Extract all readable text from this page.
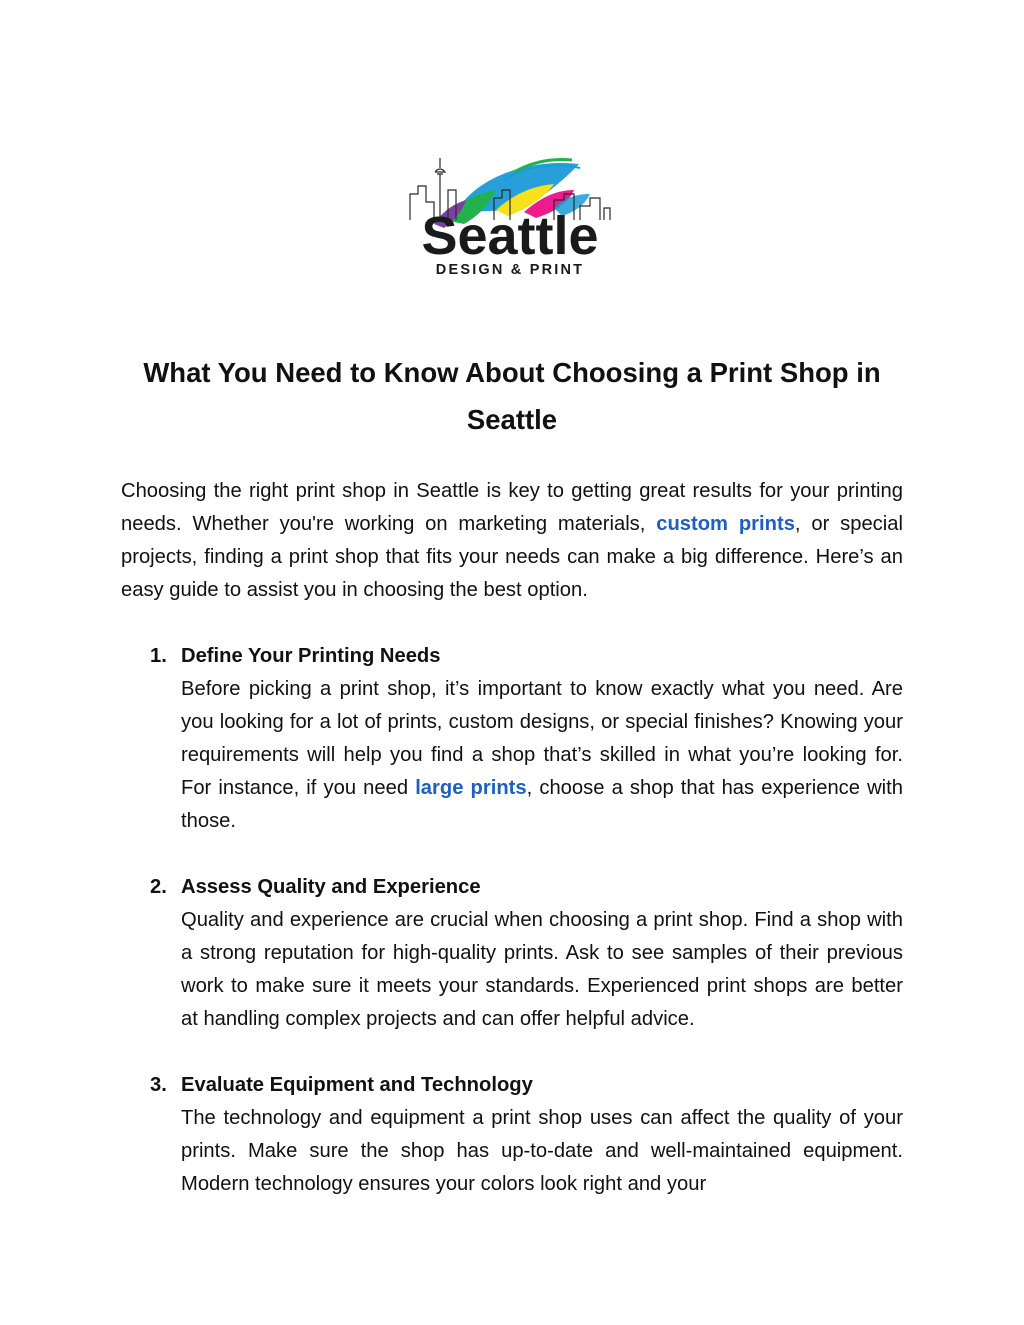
Seattle
DESIGN & PRINT
What You Need to Know About Choosing a Print Shop in Seattle

Choosing the right print shop in Seattle is key to getting great results for your printing needs. Whether you're working on marketing materials, custom prints, or special projects, finding a print shop that fits your needs can make a big difference. Here’s an easy guide to assist you in choosing the best option.

1. Define Your Printing Needs
Before picking a print shop, it’s important to know exactly what you need. Are you looking for a lot of prints, custom designs, or special finishes? Knowing your requirements will help you find a shop that’s skilled in what you’re looking for. For instance, if you need large prints, choose a shop that has experience with those.
2. Assess Quality and Experience
Quality and experience are crucial when choosing a print shop. Find a shop with a strong reputation for high-quality prints. Ask to see samples of their previous work to make sure it meets your standards. Experienced print shops are better at handling complex projects and can offer helpful advice.
3. Evaluate Equipment and Technology
The technology and equipment a print shop uses can affect the quality of your prints. Make sure the shop has up-to-date and well-maintained equipment. Modern technology ensures your colors look right and your
